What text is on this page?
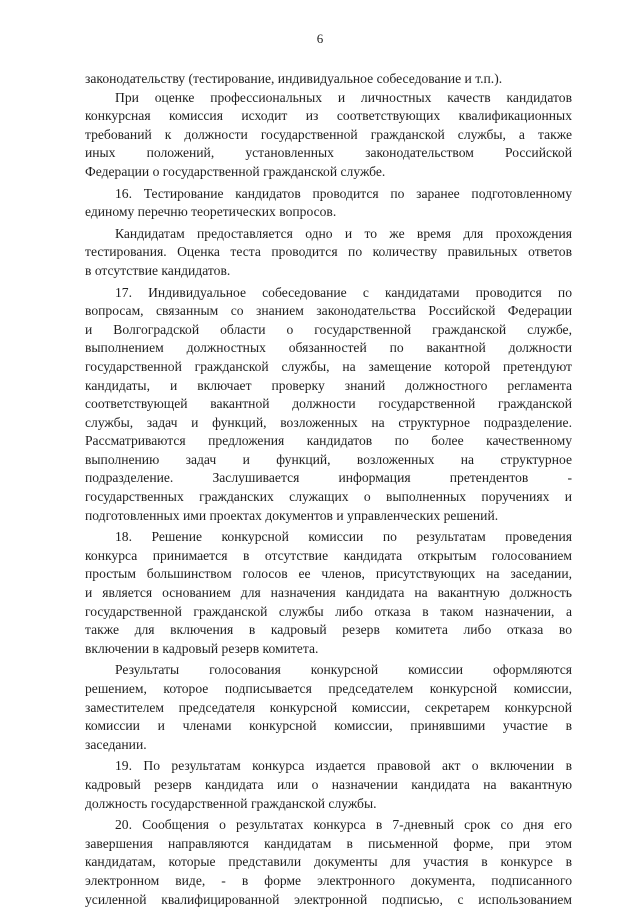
6
законодательству (тестирование, индивидуальное собеседование и т.п.).
При оценке профессиональных и личностных качеств кандидатов
конкурсная комиссия исходит из соответствующих квалификационных
требований к должности государственной гражданской службы, а также
иных положений, установленных законодательством Российской
Федерации о государственной гражданской службе.
16. Тестирование кандидатов проводится по заранее подготовленному
единому перечню теоретических вопросов.
Кандидатам предоставляется одно и то же время для прохождения
тестирования. Оценка теста проводится по количеству правильных ответов
в отсутствие кандидатов.
17. Индивидуальное собеседование с кандидатами проводится по
вопросам, связанным со знанием законодательства Российской Федерации
и Волгоградской области о государственной гражданской службе,
выполнением должностных обязанностей по вакантной должности
государственной гражданской службы, на замещение которой претендуют
кандидаты, и включает проверку знаний должностного регламента
соответствующей вакантной должности государственной гражданской
службы, задач и функций, возложенных на структурное подразделение.
Рассматриваются предложения кандидатов по более качественному
выполнению задач и функций, возложенных на структурное
подразделение. Заслушивается информация претендентов -
государственных гражданских служащих о выполненных поручениях и
подготовленных ими проектах документов и управленческих решений.
18. Решение конкурсной комиссии по результатам проведения
конкурса принимается в отсутствие кандидата открытым голосованием
простым большинством голосов ее членов, присутствующих на заседании,
и является основанием для назначения кандидата на вакантную должность
государственной гражданской службы либо отказа в таком назначении, а
также для включения в кадровый резерв комитета либо отказа во
включении в кадровый резерв комитета.
Результаты голосования конкурсной комиссии оформляются
решением, которое подписывается председателем конкурсной комиссии,
заместителем председателя конкурсной комиссии, секретарем конкурсной
комиссии и членами конкурсной комиссии, принявшими участие в
заседании.
19. По результатам конкурса издается правовой акт о включении в
кадровый резерв кандидата или о назначении кандидата на вакантную
должность государственной гражданской службы.
20. Сообщения о результатах конкурса в 7-дневный срок со дня его
завершения направляются кандидатам в письменной форме, при этом
кандидатам, которые представили документы для участия в конкурсе в
электронном виде, - в форме электронного документа, подписанного
усиленной квалифицированной электронной подписью, с использованием
